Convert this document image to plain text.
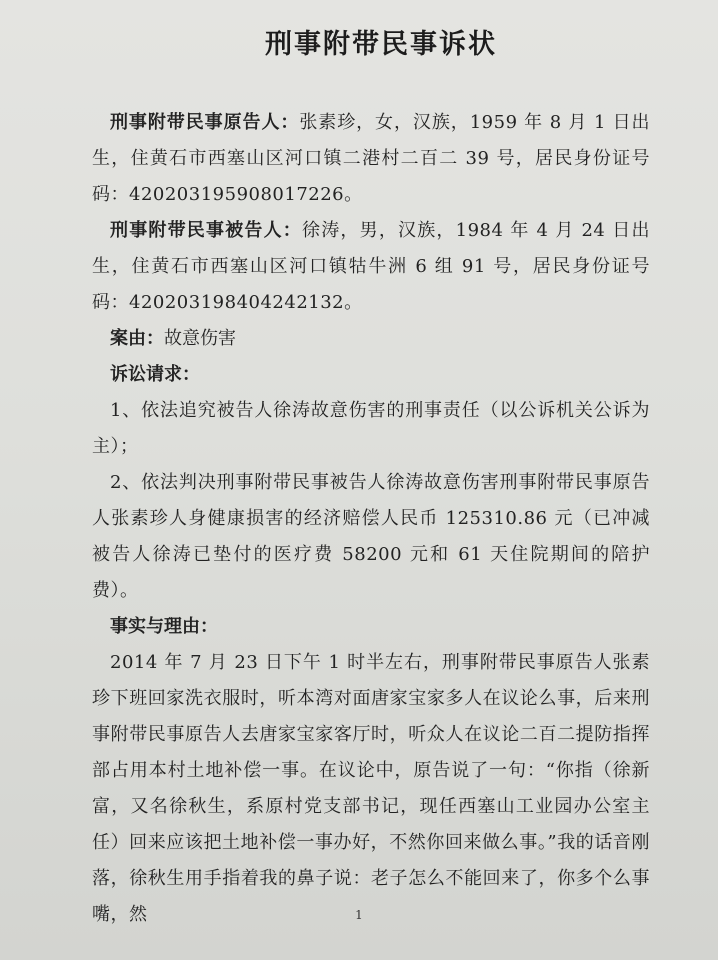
刑事附带民事诉状

刑事附带民事原告人：张素珍，女，汉族，1959 年 8 月 1 日出生，住黄石市西塞山区河口镇二港村二百二 39 号，居民身份证号码：420203195908017226。

刑事附带民事被告人：徐涛，男，汉族，1984 年 4 月 24 日出生，住黄石市西塞山区河口镇牯牛洲 6 组 91 号，居民身份证号码：420203198404242132。

案由：故意伤害

诉讼请求：

1、依法追究被告人徐涛故意伤害的刑事责任（以公诉机关公诉为主）；

2、依法判决刑事附带民事被告人徐涛故意伤害刑事附带民事原告人张素珍人身健康损害的经济赔偿人民币 125310.86 元（已冲减被告人徐涛已垫付的医疗费 58200 元和 61 天住院期间的陪护费）。

事实与理由：

2014 年 7 月 23 日下午 1 时半左右，刑事附带民事原告人张素珍下班回家洗衣服时，听本湾对面唐家宝家多人在议论么事，后来刑事附带民事原告人去唐家宝家客厅时，听众人在议论二百二提防指挥部占用本村土地补偿一事。在议论中，原告说了一句：“你指（徐新富，又名徐秋生，系原村党支部书记，现任西塞山工业园办公室主任）回来应该把土地补偿一事办好，不然你回来做么事。”我的话音刚落，徐秋生用手指着我的鼻子说：老子怎么不能回来了，你多个么事嘴，然	1
